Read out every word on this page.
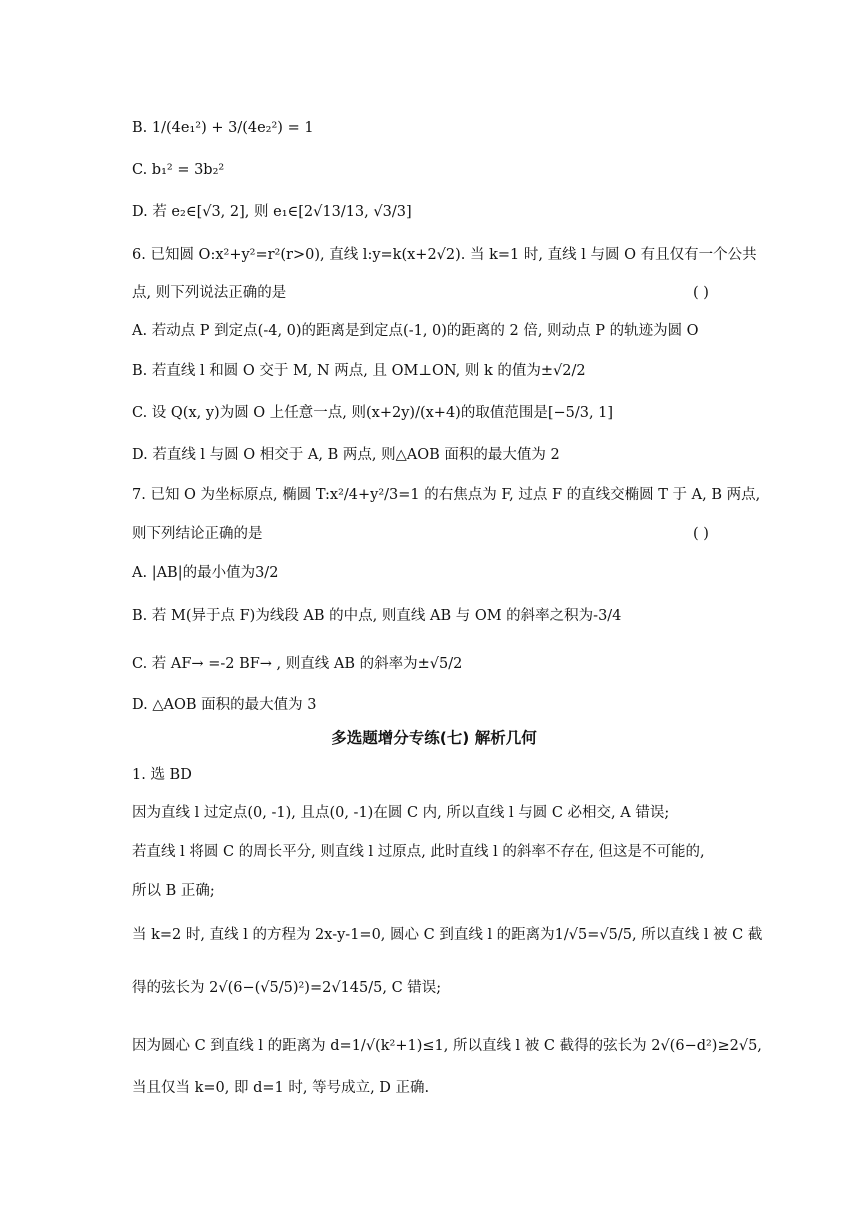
B. 1/(4e₁²) + 3/(4e₂²) = 1
C. b₁² = 3b₂²
D. 若 e₂∈[√3, 2], 则 e₁∈[2√13/13, √3/3]
6. 已知圆 O:x²+y²=r²(r>0), 直线 l:y=k(x+2√2). 当 k=1 时, 直线 l 与圆 O 有且仅有一个公共
点, 则下列说法正确的是	( )
A. 若动点 P 到定点(-4, 0)的距离是到定点(-1, 0)的距离的 2 倍, 则动点 P 的轨迹为圆 O
B. 若直线 l 和圆 O 交于 M, N 两点, 且 OM⊥ON, 则 k 的值为±√2/2
C. 设 Q(x, y)为圆 O 上任意一点, 则(x+2y)/(x+4)的取值范围是[−5/3, 1]
D. 若直线 l 与圆 O 相交于 A, B 两点, 则△AOB 面积的最大值为 2
7. 已知 O 为坐标原点, 椭圆 T:x²/4+y²/3=1 的右焦点为 F, 过点 F 的直线交椭圆 T 于 A, B 两点,
则下列结论正确的是	( )
A. |AB|的最小值为3/2
B. 若 M(异于点 F)为线段 AB 的中点, 则直线 AB 与 OM 的斜率之积为-3/4
C. 若 AF→ =-2 BF→ , 则直线 AB 的斜率为±√5/2
D. △AOB 面积的最大值为 3
多选题增分专练(七) 解析几何
1. 选 BD
因为直线 l 过定点(0, -1), 且点(0, -1)在圆 C 内, 所以直线 l 与圆 C 必相交, A 错误;
若直线 l 将圆 C 的周长平分, 则直线 l 过原点, 此时直线 l 的斜率不存在, 但这是不可能的,
所以 B 正确;
当 k=2 时, 直线 l 的方程为 2x-y-1=0, 圆心 C 到直线 l 的距离为1/√5=√5/5, 所以直线 l 被 C 截
得的弦长为 2√(6−(√5/5)²)=2√145/5, C 错误;
因为圆心 C 到直线 l 的距离为 d=1/√(k²+1)≤1, 所以直线 l 被 C 截得的弦长为 2√(6−d²)≥2√5,
当且仅当 k=0, 即 d=1 时, 等号成立, D 正确.
